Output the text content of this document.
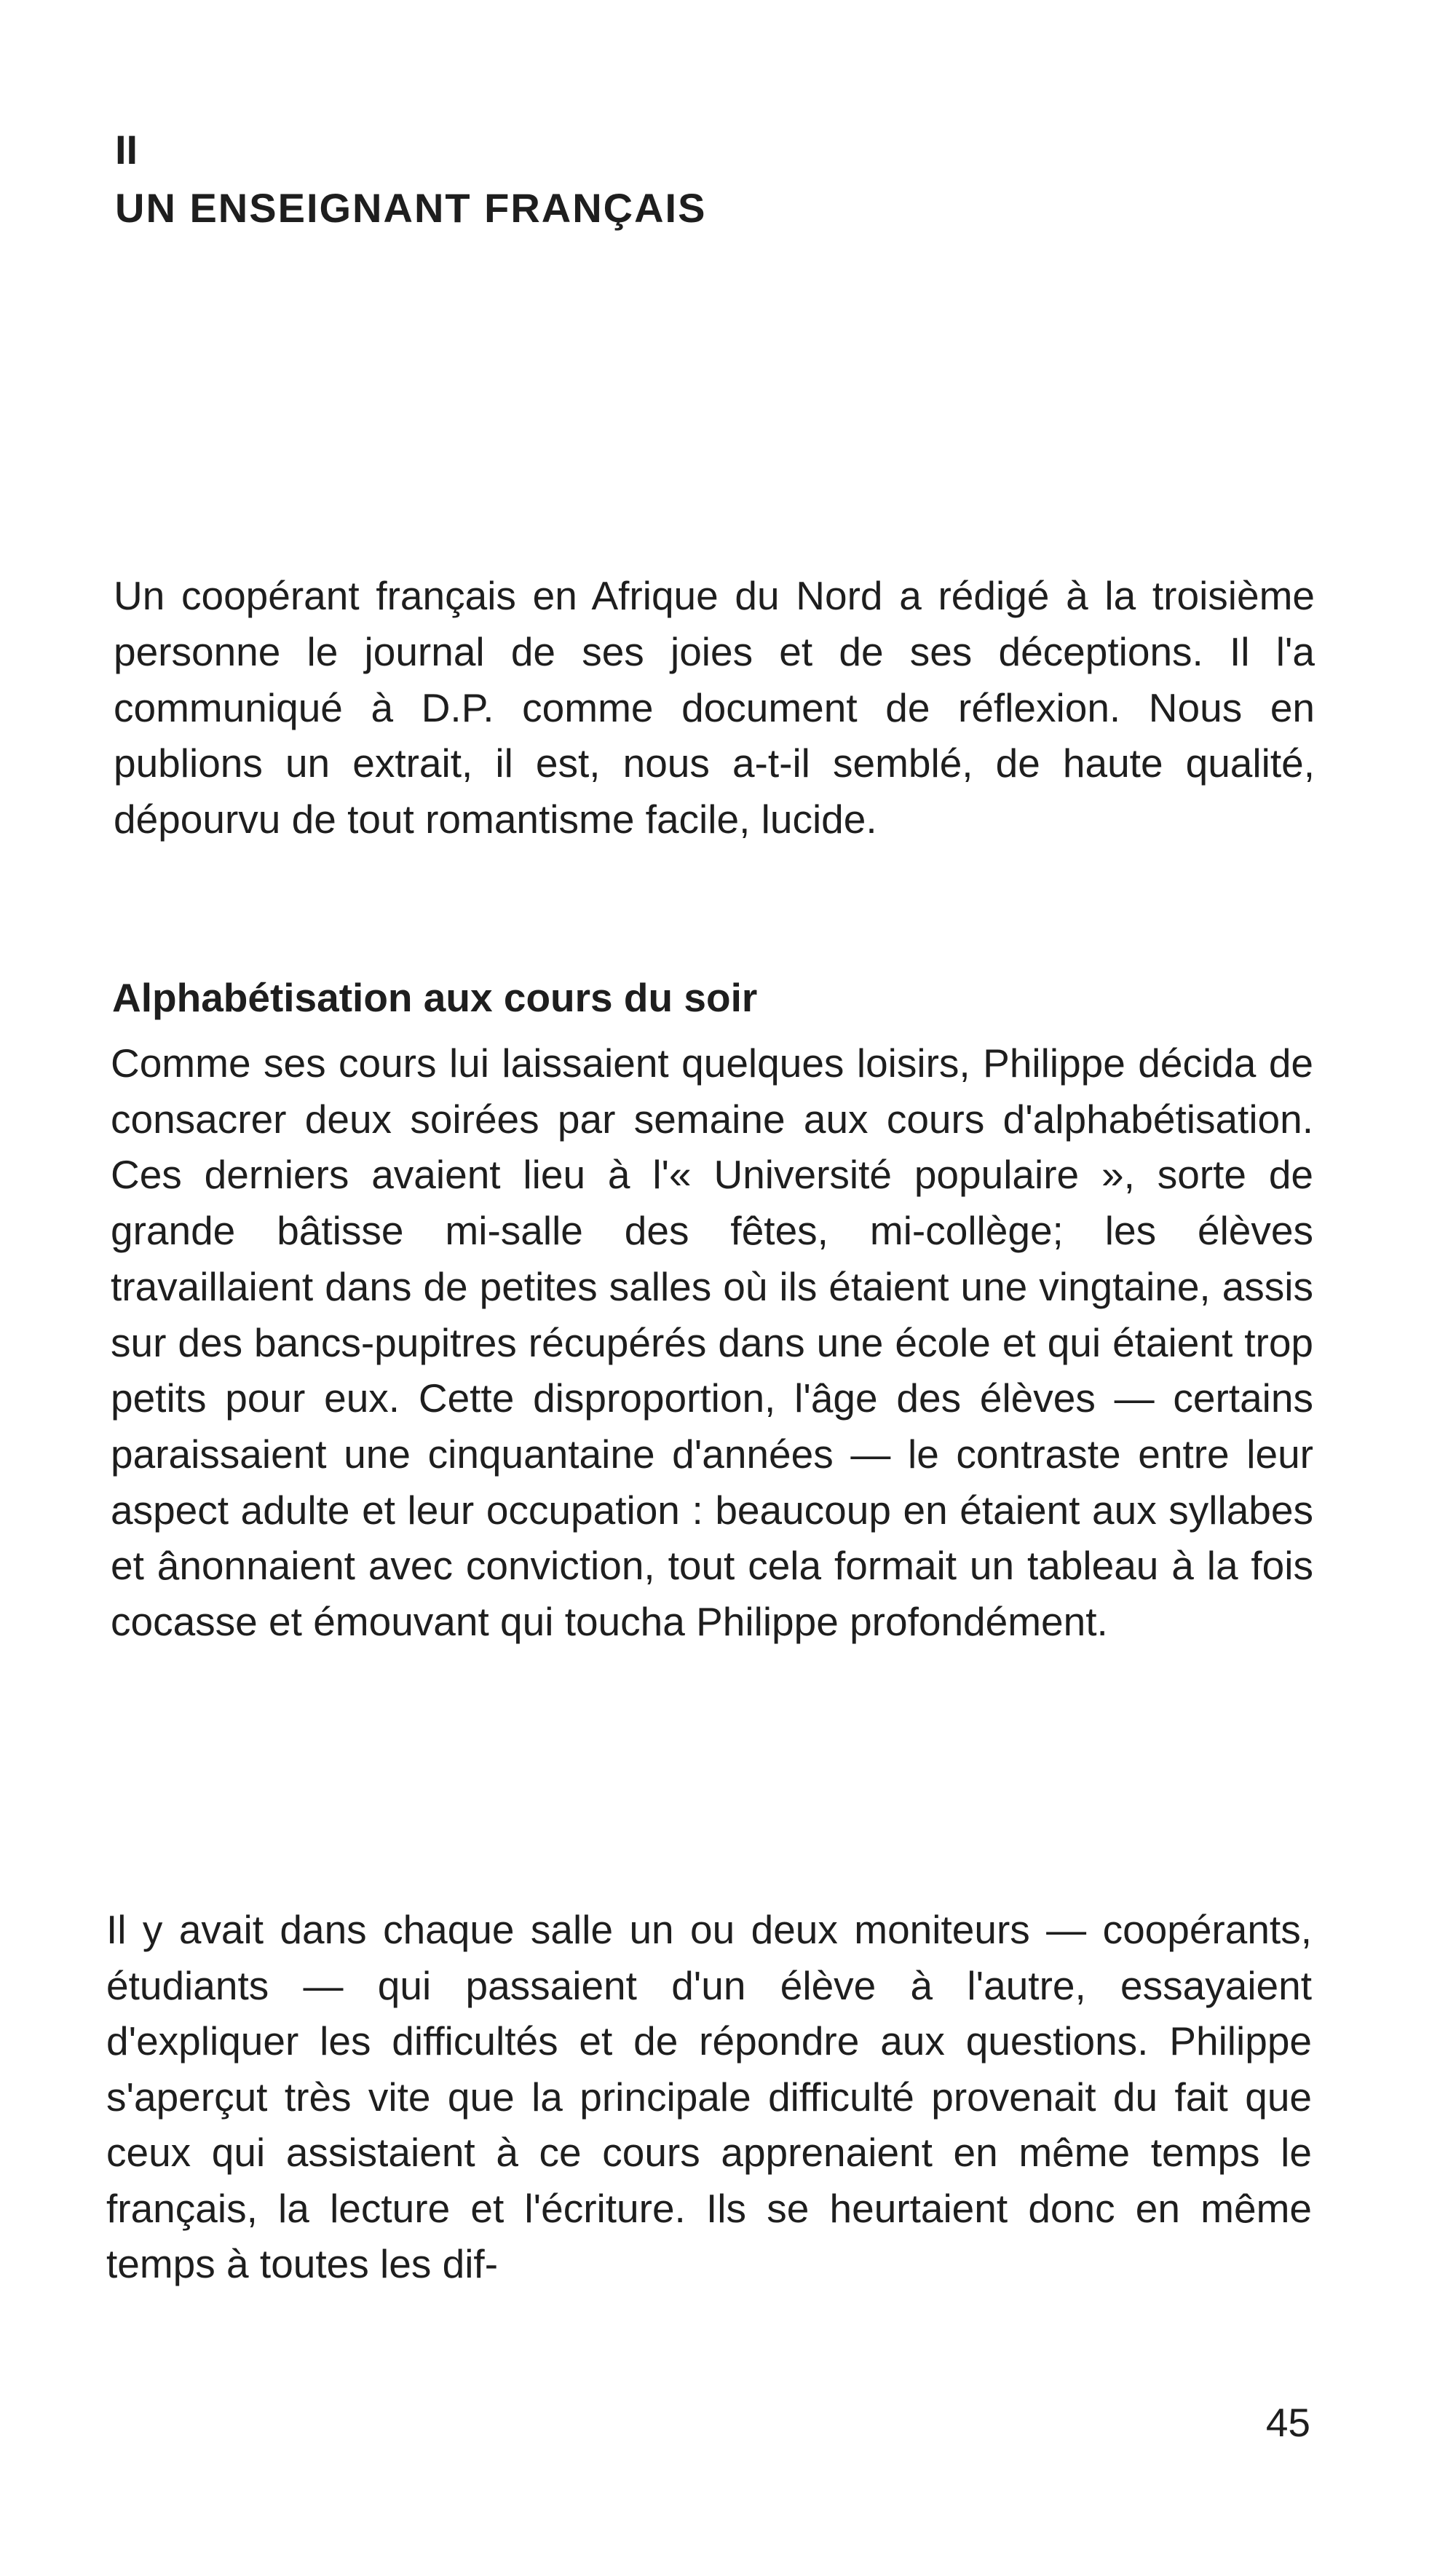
II
UN ENSEIGNANT FRANÇAIS

Un coopérant français en Afrique du Nord a rédigé à la troisième personne le journal de ses joies et de ses déceptions. Il l'a communiqué à D.P. comme document de réflexion. Nous en publions un extrait, il est, nous a-t-il semblé, de haute qualité, dépourvu de tout romantisme facile, lucide.

Alphabétisation aux cours du soir

Comme ses cours lui laissaient quelques loisirs, Philippe décida de consacrer deux soirées par semaine aux cours d'alphabétisation. Ces derniers avaient lieu à l'« Université populaire », sorte de grande bâtisse mi-salle des fêtes, mi-collège; les élèves travaillaient dans de petites salles où ils étaient une vingtaine, assis sur des bancs-pupitres récupérés dans une école et qui étaient trop petits pour eux. Cette disproportion, l'âge des élèves — certains paraissaient une cinquantaine d'années — le contraste entre leur aspect adulte et leur occupation : beaucoup en étaient aux syllabes et ânonnaient avec conviction, tout cela formait un tableau à la fois cocasse et émouvant qui toucha Philippe profondément.

Il y avait dans chaque salle un ou deux moniteurs — coopérants, étudiants — qui passaient d'un élève à l'autre, essayaient d'expliquer les difficultés et de répondre aux questions. Philippe s'aperçut très vite que la principale difficulté provenait du fait que ceux qui assistaient à ce cours apprenaient en même temps le français, la lecture et l'écriture. Ils se heurtaient donc en même temps à toutes les dif-

45
